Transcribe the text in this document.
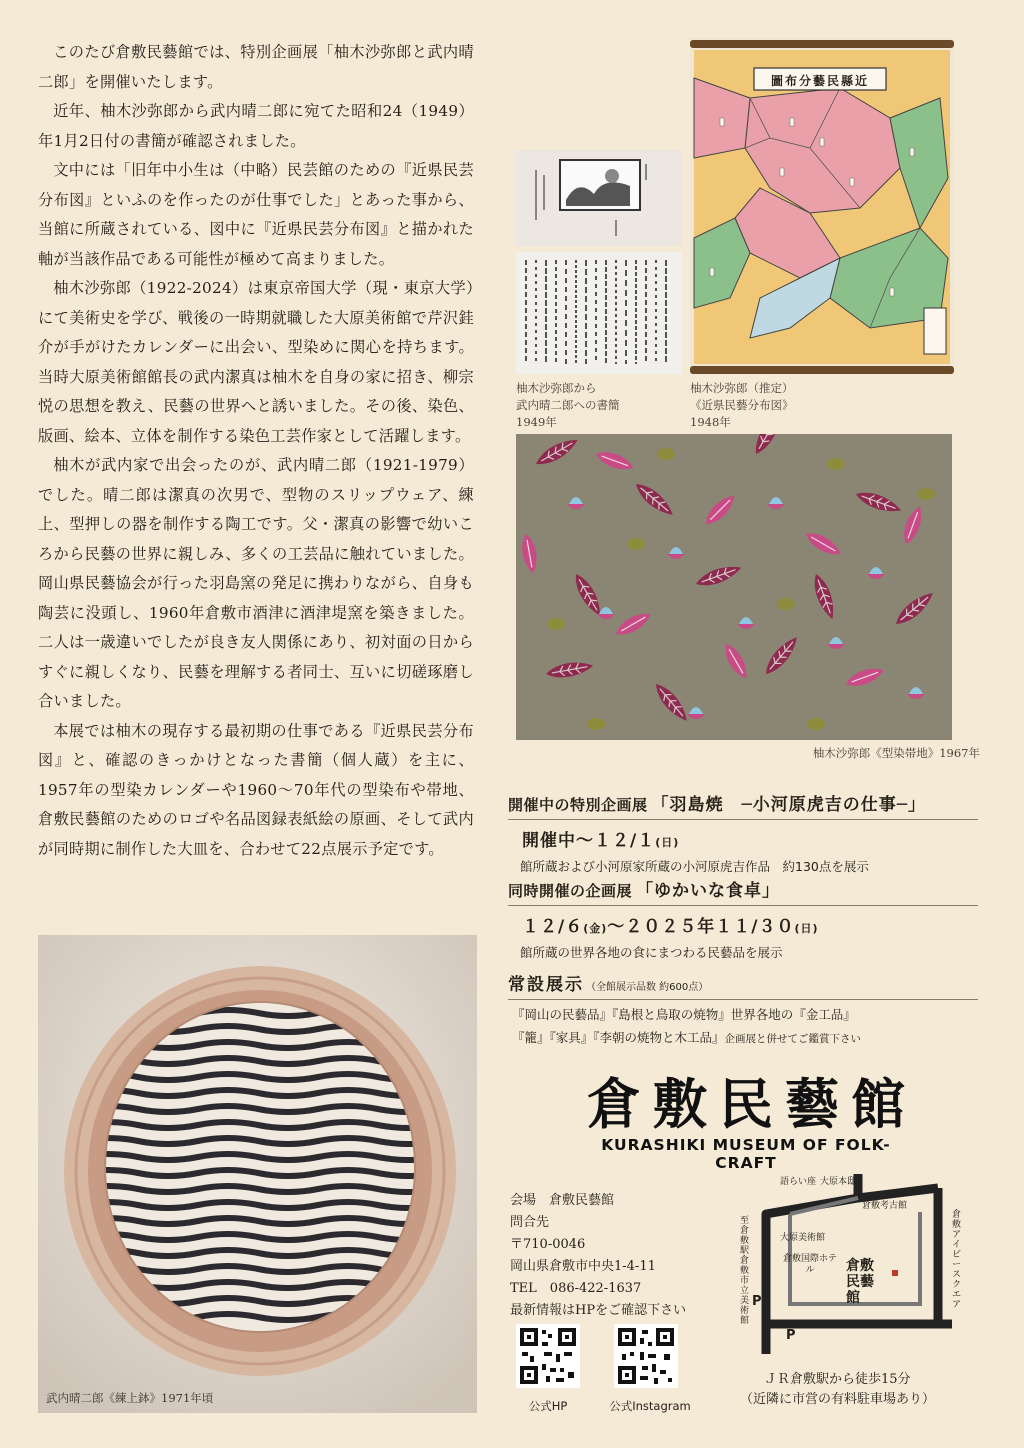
このたび倉敷民藝館では、特別企画展「柚木沙弥郎と武内晴二郎」を開催いたします。

近年、柚木沙弥郎から武内晴二郎に宛てた昭和24（1949）年1月2日付の書簡が確認されました。

文中には「旧年中小生は（中略）民芸館のための『近県民芸分布図』といふのを作ったのが仕事でした」とあった事から、当館に所蔵されている、図中に『近県民芸分布図』と描かれた軸が当該作品である可能性が極めて高まりました。

柚木沙弥郎（1922-2024）は東京帝国大学（現・東京大学）にて美術史を学び、戦後の一時期就職した大原美術館で芹沢銈介が手がけたカレンダーに出会い、型染めに関心を持ちます。当時大原美術館館長の武内潔真は柚木を自身の家に招き、柳宗悦の思想を教え、民藝の世界へと誘いました。その後、染色、版画、絵本、立体を制作する染色工芸作家として活躍します。

柚木が武内家で出会ったのが、武内晴二郎（1921-1979）でした。晴二郎は潔真の次男で、型物のスリップウェア、練上、型押しの器を制作する陶工です。父・潔真の影響で幼いころから民藝の世界に親しみ、多くの工芸品に触れていました。岡山県民藝協会が行った羽島窯の発足に携わりながら、自身も陶芸に没頭し、1960年倉敷市酒津に酒津堤窯を築きました。二人は一歳違いでしたが良き友人関係にあり、初対面の日からすぐに親しくなり、民藝を理解する者同士、互いに切磋琢磨し合いました。

本展では柚木の現存する最初期の仕事である『近県民芸分布図』と、確認のきっかけとなった書簡（個人蔵）を主に、1957年の型染カレンダーや1960～70年代の型染布や帯地、倉敷民藝館のためのロゴや名品図録表紙絵の原画、そして武内が同時期に制作した大皿を、合わせて22点展示予定です。

武内晴二郎《練上鉢》1971年頃
柚木沙弥郎から
武内晴二郎への書簡
1949年
近縣民藝分布圖
柚木沙弥郎（推定）
《近県民藝分布図》
1948年
柚木沙弥郎《型染帯地》1967年
開催中の特別企画展 「羽島焼　─小河原虎吉の仕事─」
開催中～１２/１(日)
館所蔵および小河原家所蔵の小河原虎吉作品　約130点を展示
同時開催の企画展 「ゆかいな食卓」
１２/６(金)～２０２５年１１/３０(日)
館所蔵の世界各地の食にまつわる民藝品を展示
常設展示 （全館展示品数 約600点）
『岡山の民藝品』『島根と鳥取の焼物』世界各地の『金工品』
『籠』『家具』『李朝の焼物と木工品』企画展と併せてご鑑賞下さい
倉敷民藝館
KURASHIKI MUSEUM OF FOLK-CRAFT
会場　倉敷民藝館
問合先
〒710-0046
岡山県倉敷市中央1-4-11
TEL　086-422-1637
最新情報はHPをご確認下さい
公式HP	公式Instagram
語らい座 大原本邸
倉敷考古館
大原美術館
倉敷国際ホテル	倉敷民藝館
倉敷アイビースクエア
至倉敷駅
倉敷市立美術館
P
P
ＪＲ倉敷駅から徒歩15分
（近隣に市営の有料駐車場あり）
